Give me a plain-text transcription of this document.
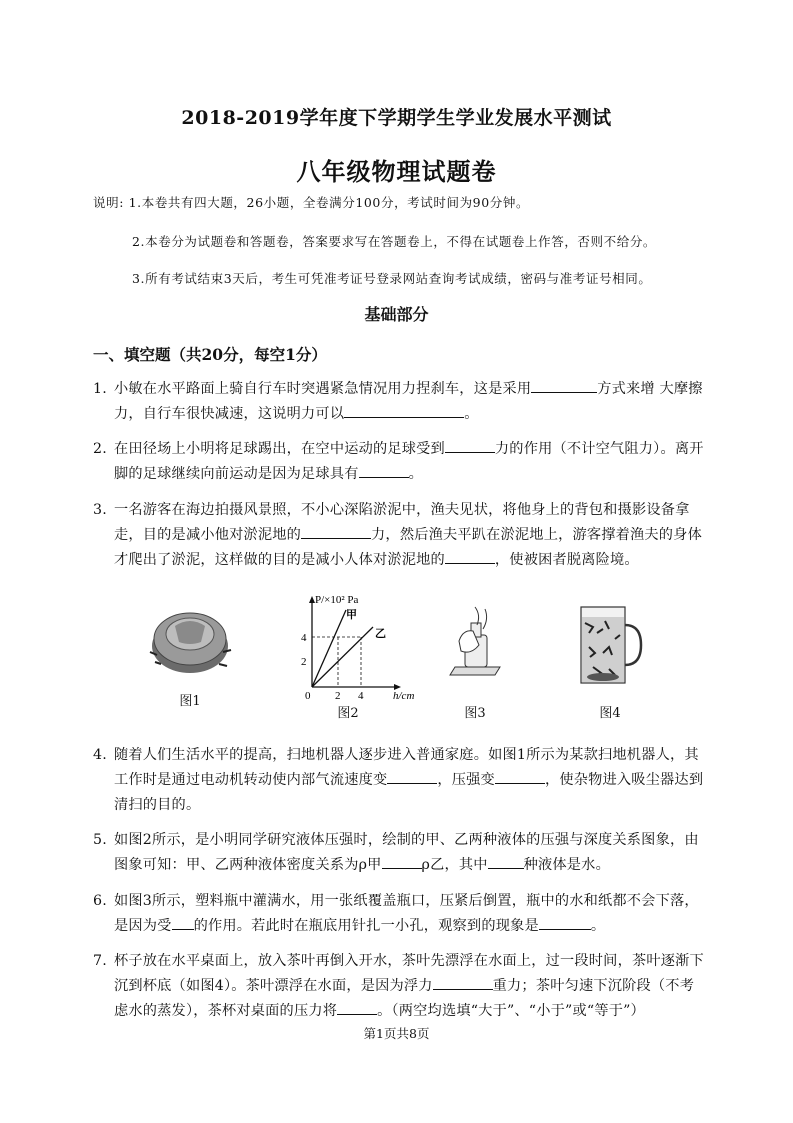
2018-2019学年度下学期学生学业发展水平测试
八年级物理试题卷
说明: 1.本卷共有四大题，26小题，全卷满分100分，考试时间为90分钟。
2.本卷分为试题卷和答题卷，答案要求写在答题卷上，不得在试题卷上作答，否则不给分。
3.所有考试结束3天后，考生可凭准考证号登录网站查询考试成绩，密码与准考证号相同。
基础部分
一、填空题（共20分，每空1分）
1. 小敏在水平路面上骑自行车时突遇紧急情况用力捏刹车，这是采用	方式来增 大摩擦力，自行车很快减速，这说明力可以	。
2. 在田径场上小明将足球踢出，在空中运动的足球受到	力的作用（不计空气阻力）。离开脚的足球继续向前运动是因为足球具有	。
3. 一名游客在海边拍摄风景照，不小心深陷淤泥中，渔夫见状，将他身上的背包和摄影设备拿走，目的是减小他对淤泥地的	力，然后渔夫平趴在淤泥地上，游客撑着渔夫的身体才爬出了淤泥，这样做的目的是减小人体对淤泥地的	，使被困者脱离险境。
图1
P/×10² Pa
甲
乙
4
2
0 2 4	h/cm
图2	图3	图4
4. 随着人们生活水平的提高，扫地机器人逐步进入普通家庭。如图1所示为某款扫地机器人，其工作时是通过电动机转动使内部气流速度变	，压强变	，使杂物进入吸尘器达到清扫的目的。
5. 如图2所示，是小明同学研究液体压强时，绘制的甲、乙两种液体的压强与深度关系图象，由图象可知：甲、乙两种液体密度关系为ρ甲	ρ乙，其中	种液体是水。
6. 如图3所示，塑料瓶中灌满水，用一张纸覆盖瓶口，压紧后倒置，瓶中的水和纸都不会下落，是因为受 的作用。若此时在瓶底用针扎一小孔，观察到的现象是	。
7. 杯子放在水平桌面上，放入茶叶再倒入开水，茶叶先漂浮在水面上，过一段时间，茶叶逐渐下沉到杯底（如图4）。茶叶漂浮在水面，是因为浮力	重力；茶叶匀速下沉阶段（不考虑水的蒸发），茶杯对桌面的压力将	。（两空均选填“大于”、“小于”或“等于”）
第1页共8页
